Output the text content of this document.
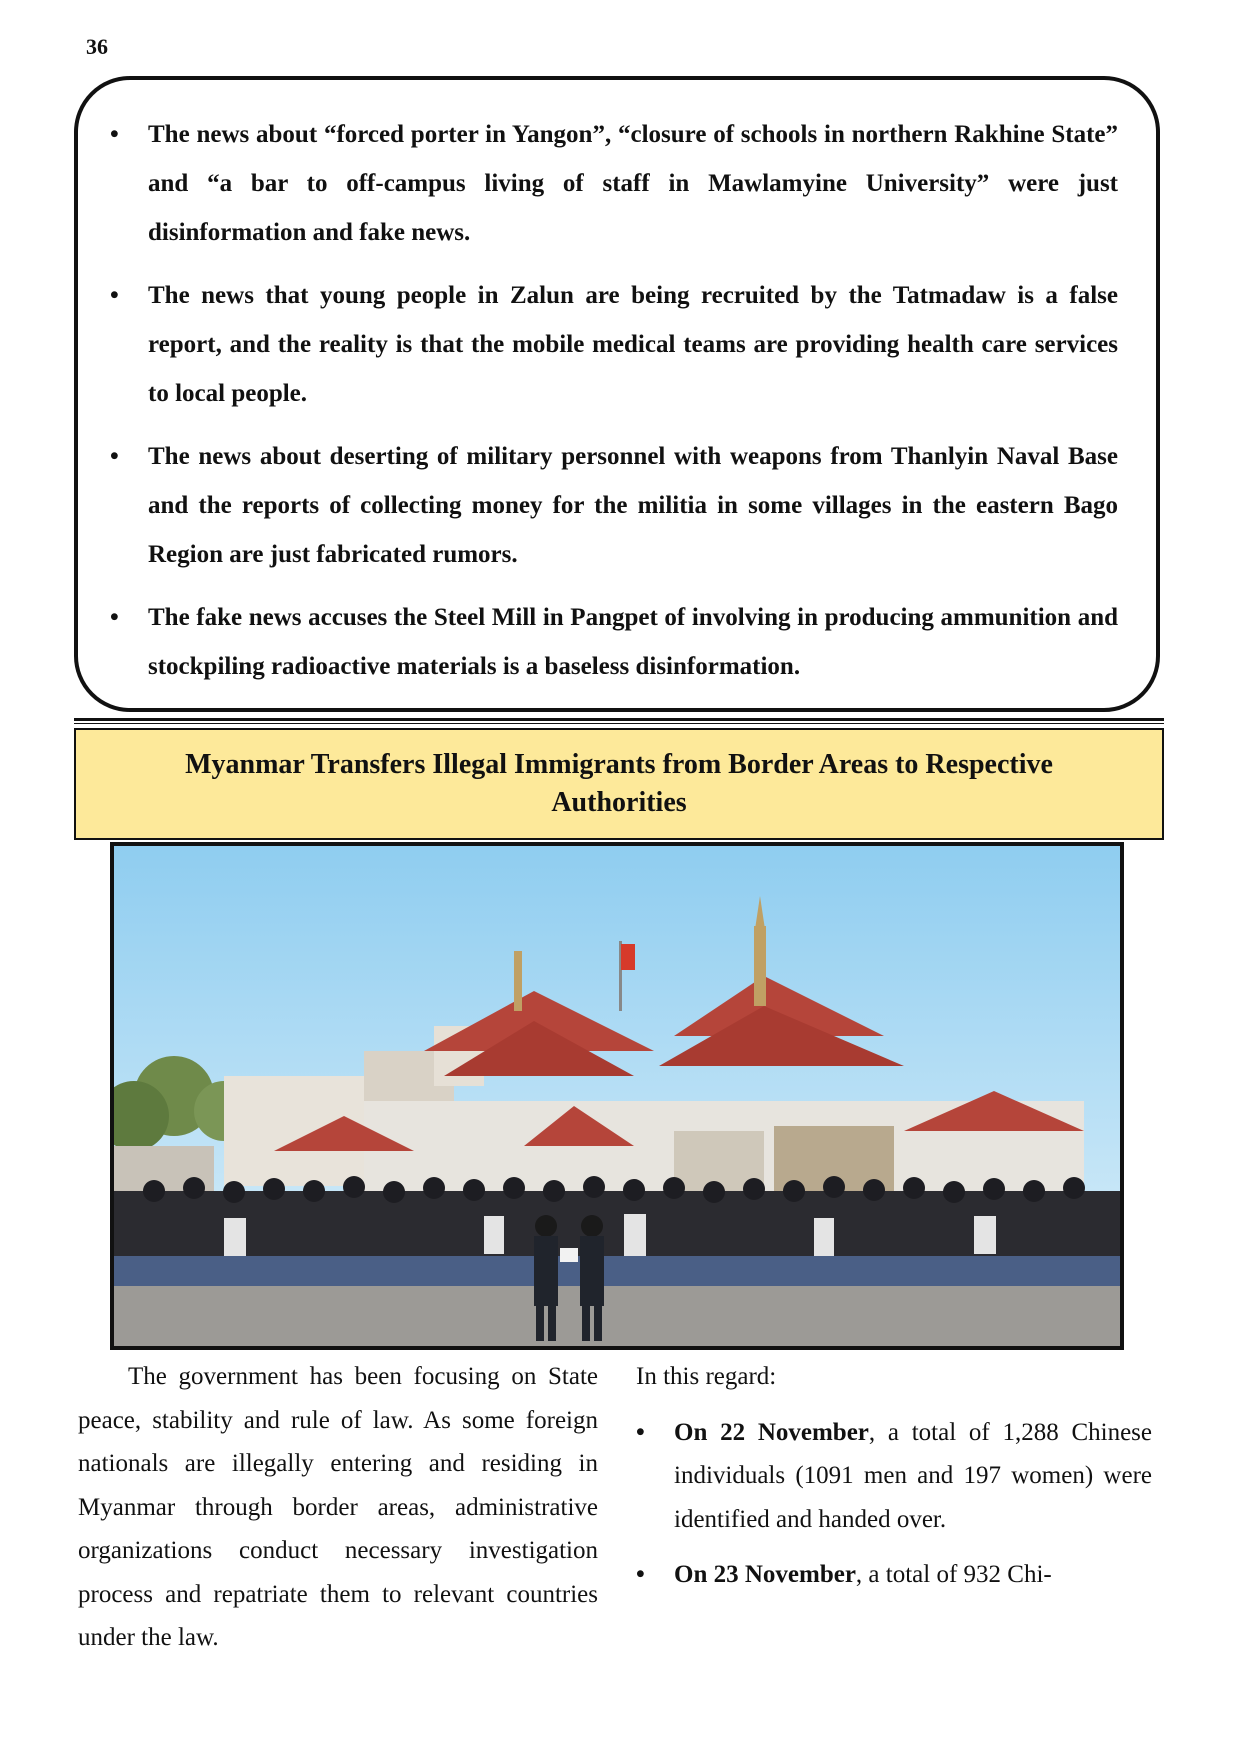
36
• The news about “forced porter in Yangon”, “closure of schools in northern Rakhine State” and “a bar to off-campus living of staff in Mawlamyine University” were just disinformation and fake news.
• The news that young people in Zalun are being recruited by the Tatmadaw is a false report, and the reality is that the mobile medical teams are providing health care services to local people.
• The news about deserting of military personnel with weapons from Thanlyin Naval Base and the reports of collecting money for the militia in some villages in the eastern Bago Region are just fabricated rumors.
• The fake news accuses the Steel Mill in Pangpet of involving in producing ammunition and stockpiling radioactive materials is a baseless disinformation.
Myanmar Transfers Illegal Immigrants from Border Areas to Respective Authorities
The government has been focusing on State peace, stability and rule of law. As some foreign nationals are illegally entering and residing in Myanmar through border areas, administrative organizations conduct necessary investigation process and repatriate them to relevant countries under the law.

In this regard:

• On 22 November, a total of 1,288 Chinese individuals (1091 men and 197 women) were identified and handed over.
• On 23 November, a total of 932 Chi-
